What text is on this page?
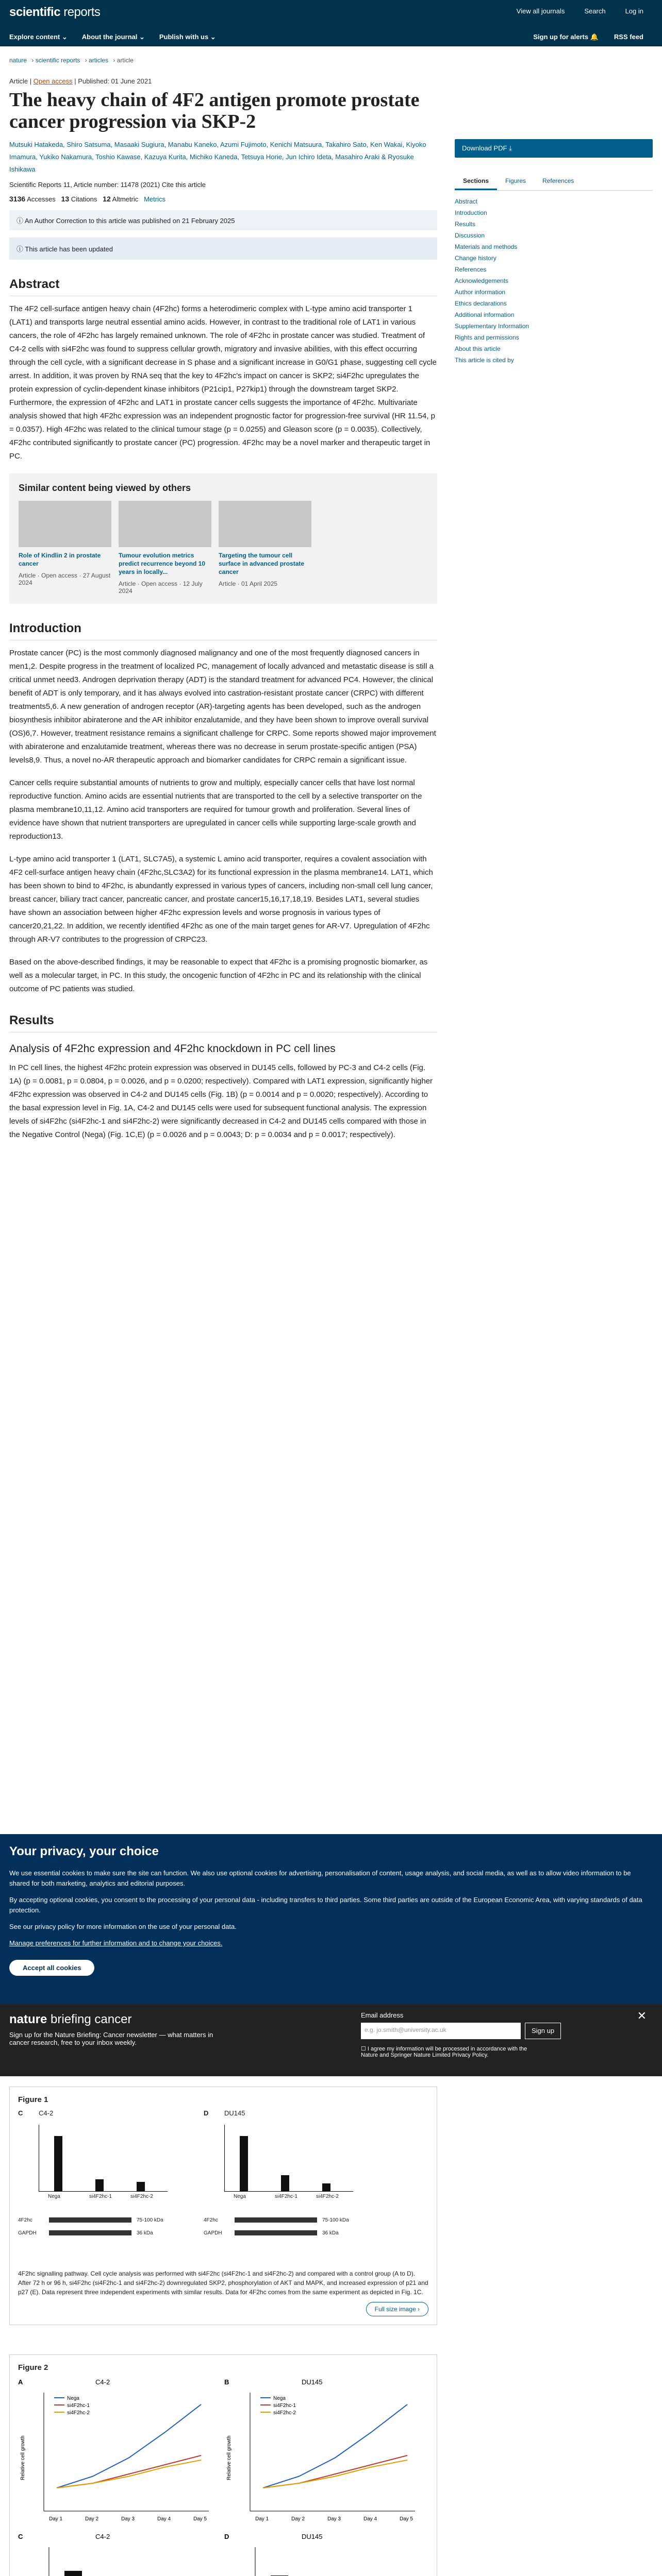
scientific reports	View all journals	Search	Log in
Explore content ⌄ About the journal ⌄ Publish with us ⌄	Sign up for alerts 🔔 RSS feed
nature › scientific reports › articles › article
Article | Open access | Published: 01 June 2021
The heavy chain of 4F2 antigen promote prostate cancer progression via SKP-2
Mutsuki Hatakeda, Shiro Satsuma, Masaaki Sugiura, Manabu Kaneko, Azumi Fujimoto, Kenichi Matsuura, Takahiro Sato, Ken Wakai, Kiyoko Imamura, Yukiko Nakamura, Toshio Kawase, Kazuya Kurita, Michiko Kaneda, Tetsuya Horie, Jun Ichiro Ideta, Masahiro Araki & Ryosuke Ishikawa
Scientific Reports 11, Article number: 11478 (2021) Cite this article
3136 Accesses 13 Citations 12 Altmetric Metrics
ⓘ An Author Correction to this article was published on 21 February 2025
ⓘ This article has been updated
Abstract

The 4F2 cell-surface antigen heavy chain (4F2hc) forms a heterodimeric complex with L-type amino acid transporter 1 (LAT1) and transports large neutral essential amino acids. However, in contrast to the traditional role of LAT1 in various cancers, the role of 4F2hc has largely remained unknown. The role of 4F2hc in prostate cancer was studied. Treatment of C4-2 cells with si4F2hc was found to suppress cellular growth, migratory and invasive abilities, with this effect occurring through the cell cycle, with a significant decrease in S phase and a significant increase in G0/G1 phase, suggesting cell cycle arrest. In addition, it was proven by RNA seq that the key to 4F2hc's impact on cancer is SKP2; si4F2hc upregulates the protein expression of cyclin-dependent kinase inhibitors (P21cip1, P27kip1) through the downstream target SKP2. Furthermore, the expression of 4F2hc and LAT1 in prostate cancer cells suggests the importance of 4F2hc. Multivariate analysis showed that high 4F2hc expression was an independent prognostic factor for progression-free survival (HR 11.54, p = 0.0357). High 4F2hc was related to the clinical tumour stage (p = 0.0255) and Gleason score (p = 0.0035). Collectively, 4F2hc contributed significantly to prostate cancer (PC) progression. 4F2hc may be a novel marker and therapeutic target in PC.

Similar content being viewed by others
Role of Kindlin 2 in prostate cancer
Article · Open access · 27 August 2024
Tumour evolution metrics predict recurrence beyond 10 years in locally...
Article · Open access · 12 July 2024
Targeting the tumour cell surface in advanced prostate cancer
Article · 01 April 2025
Introduction

Prostate cancer (PC) is the most commonly diagnosed malignancy and one of the most frequently diagnosed cancers in men1,2. Despite progress in the treatment of localized PC, management of locally advanced and metastatic disease is still a critical unmet need3. Androgen deprivation therapy (ADT) is the standard treatment for advanced PC4. However, the clinical benefit of ADT is only temporary, and it has always evolved into castration-resistant prostate cancer (CRPC) with different treatments5,6. A new generation of androgen receptor (AR)-targeting agents has been developed, such as the androgen biosynthesis inhibitor abiraterone and the AR inhibitor enzalutamide, and they have been shown to improve overall survival (OS)6,7. However, treatment resistance remains a significant challenge for CRPC. Some reports showed major improvement with abiraterone and enzalutamide treatment, whereas there was no decrease in serum prostate-specific antigen (PSA) levels8,9. Thus, a novel no-AR therapeutic approach and biomarker candidates for CRPC remain a significant issue.

Cancer cells require substantial amounts of nutrients to grow and multiply, especially cancer cells that have lost normal reproductive function. Amino acids are essential nutrients that are transported to the cell by a selective transporter on the plasma membrane10,11,12. Amino acid transporters are required for tumour growth and proliferation. Several lines of evidence have shown that nutrient transporters are upregulated in cancer cells while supporting large-scale growth and reproduction13.

L-type amino acid transporter 1 (LAT1, SLC7A5), a systemic L amino acid transporter, requires a covalent association with 4F2 cell-surface antigen heavy chain (4F2hc,SLC3A2) for its functional expression in the plasma membrane14. LAT1, which has been shown to bind to 4F2hc, is abundantly expressed in various types of cancers, including non-small cell lung cancer, breast cancer, biliary tract cancer, pancreatic cancer, and prostate cancer15,16,17,18,19. Besides LAT1, several studies have shown an association between higher 4F2hc expression levels and worse prognosis in various types of cancer20,21,22. In addition, we recently identified 4F2hc as one of the main target genes for AR-V7. Upregulation of 4F2hc through AR-V7 contributes to the progression of CRPC23.

Based on the above-described findings, it may be reasonable to expect that 4F2hc is a promising prognostic biomarker, as well as a molecular target, in PC. In this study, the oncogenic function of 4F2hc in PC and its relationship with the clinical outcome of PC patients was studied.

Results
Analysis of 4F2hc expression and 4F2hc knockdown in PC cell lines

In PC cell lines, the highest 4F2hc protein expression was observed in DU145 cells, followed by PC-3 and C4-2 cells (Fig. 1A) (p = 0.0081, p = 0.0804, p = 0.0026, and p = 0.0200; respectively). Compared with LAT1 expression, significantly higher 4F2hc expression was observed in C4-2 and DU145 cells (Fig. 1B) (p = 0.0014 and p = 0.0020; respectively). According to the basal expression level in Fig. 1A, C4-2 and DU145 cells were used for subsequent functional analysis. The expression levels of si4F2hc (si4F2hc-1 and si4F2hc-2) were significantly decreased in C4-2 and DU145 cells compared with those in the Negative Control (Nega) (Fig. 1C,E) (p = 0.0026 and p = 0.0043; D: p = 0.0034 and p = 0.0017; respectively).

Figure 1
C C4-2	D DU145
Nega	si4F2hc-1	si4F2hc-2	Nega	si4F2hc-1	si4F2hc-2
4F2hc
GAPDH
75-100 kDa
36 kDa
4F2hc
GAPDH
75-100 kDa
36 kDa
4F2hc signalling pathway. Cell cycle analysis was performed with si4F2hc (si4F2hc-1 and si4F2hc-2) and compared with a control group (A to D). After 72 h or 96 h, si4F2hc (si4F2hc-1 and si4F2hc-2) downregulated SKP2, phosphorylation of AKT and MAPK, and increased expression of p21 and p27 (E). Data represent three independent experiments with similar results. Data for 4F2hc comes from the same experiment as depicted in Fig. 1C.
Full size image ›
Figure 2
A	C4-2
Relative cell growth
Day 1	Day 2	Day 3	Day 4	Day 5
Nega
si4F2hc-1
si4F2hc-2
B	DU145
Relative cell growth
Day 1	Day 2	Day 3	Day 4	Day 5
Nega
si4F2hc-1
si4F2hc-2
C	C4-2	D	DU145
Download PDF ⤓
Sections	Figures	References
Abstract
Introduction
Results
Discussion
Materials and methods
Change history
References
Acknowledgements
Author information
Ethics declarations
Additional information
Supplementary Information
Rights and permissions
About this article
This article is cited by
Your privacy, your choice

We use essential cookies to make sure the site can function. We also use optional cookies for advertising, personalisation of content, usage analysis, and social media, as well as to allow video information to be shared for both marketing, analytics and editorial purposes.

By accepting optional cookies, you consent to the processing of your personal data - including transfers to third parties. Some third parties are outside of the European Economic Area, with varying standards of data protection.

See our privacy policy for more information on the use of your personal data.

Manage preferences for further information and to change your choices.

Accept all cookies
nature briefing cancer
Sign up for the Nature Briefing: Cancer newsletter — what matters in cancer research, free to your inbox weekly.
Email address
e.g. jo.smith@university.ac.uk	Sign up
☐ I agree my information will be processed in accordance with the Nature and Springer Nature Limited Privacy Policy.
✕
